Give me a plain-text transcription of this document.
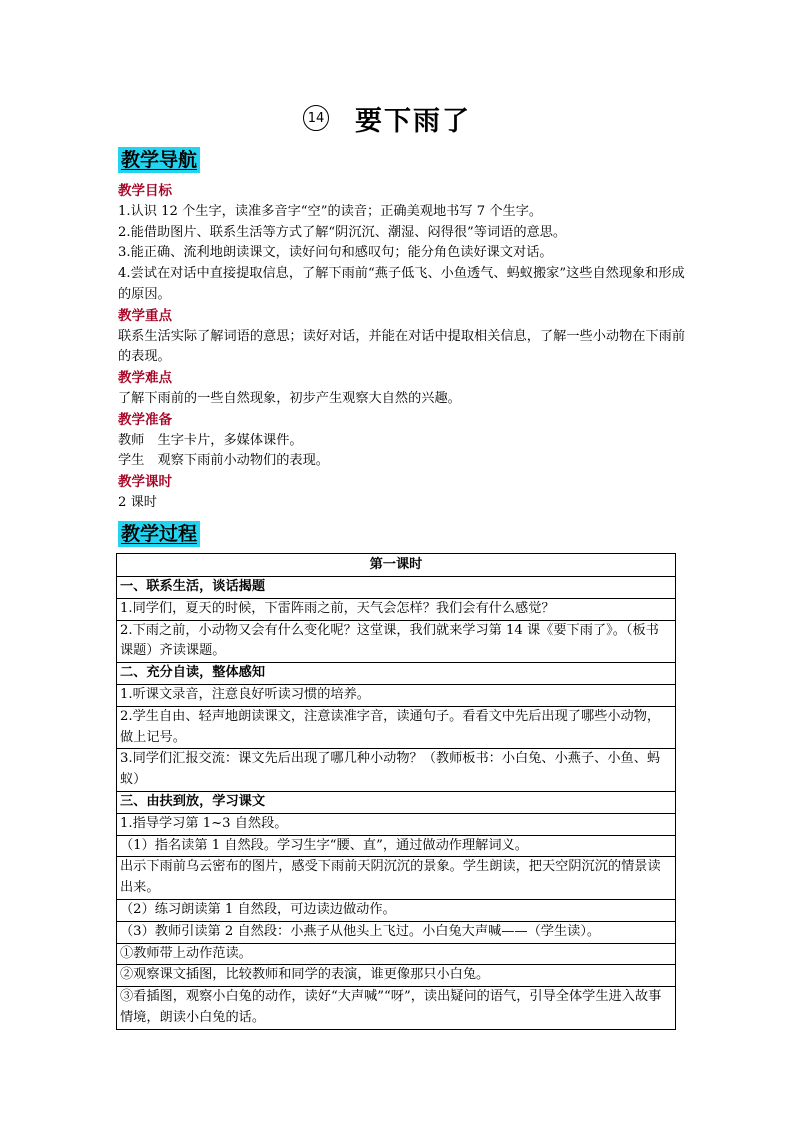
14 要下雨了
教学导航
教学目标
1.认识 12 个生字，读准多音字“空”的读音；正确美观地书写 7 个生字。
2.能借助图片、联系生活等方式了解“阴沉沉、潮湿、闷得很”等词语的意思。
3.能正确、流利地朗读课文，读好问句和感叹句；能分角色读好课文对话。
4.尝试在对话中直接提取信息，了解下雨前“燕子低飞、小鱼透气、蚂蚁搬家”这些自然现象和形成的原因。
教学重点
联系生活实际了解词语的意思；读好对话，并能在对话中提取相关信息，了解一些小动物在下雨前的表现。
教学难点
了解下雨前的一些自然现象，初步产生观察大自然的兴趣。
教学准备
教师　生字卡片，多媒体课件。
学生　观察下雨前小动物们的表现。
教学课时
2 课时
教学过程
第一课时
一、联系生活，谈话揭题
1.同学们，夏天的时候，下雷阵雨之前，天气会怎样？我们会有什么感觉？
2.下雨之前，小动物又会有什么变化呢？这堂课，我们就来学习第 14 课《要下雨了》。（板书课题）齐读课题。
二、充分自读，整体感知
1.听课文录音，注意良好听读习惯的培养。
2.学生自由、轻声地朗读课文，注意读准字音，读通句子。看看文中先后出现了哪些小动物，做上记号。
3.同学们汇报交流：课文先后出现了哪几种小动物？（教师板书：小白兔、小燕子、小鱼、蚂蚁）
三、由扶到放，学习课文
1.指导学习第 1~3 自然段。
（1）指名读第 1 自然段。学习生字“腰、直”，通过做动作理解词义。
出示下雨前乌云密布的图片，感受下雨前天阴沉沉的景象。学生朗读，把天空阴沉沉的情景读出来。
（2）练习朗读第 1 自然段，可边读边做动作。
（3）教师引读第 2 自然段：小燕子从他头上飞过。小白兔大声喊——（学生读）。
①教师带上动作范读。
②观察课文插图，比较教师和同学的表演，谁更像那只小白兔。
③看插图，观察小白兔的动作，读好“大声喊”“呀”，读出疑问的语气，引导全体学生进入故事情境，朗读小白兔的话。
